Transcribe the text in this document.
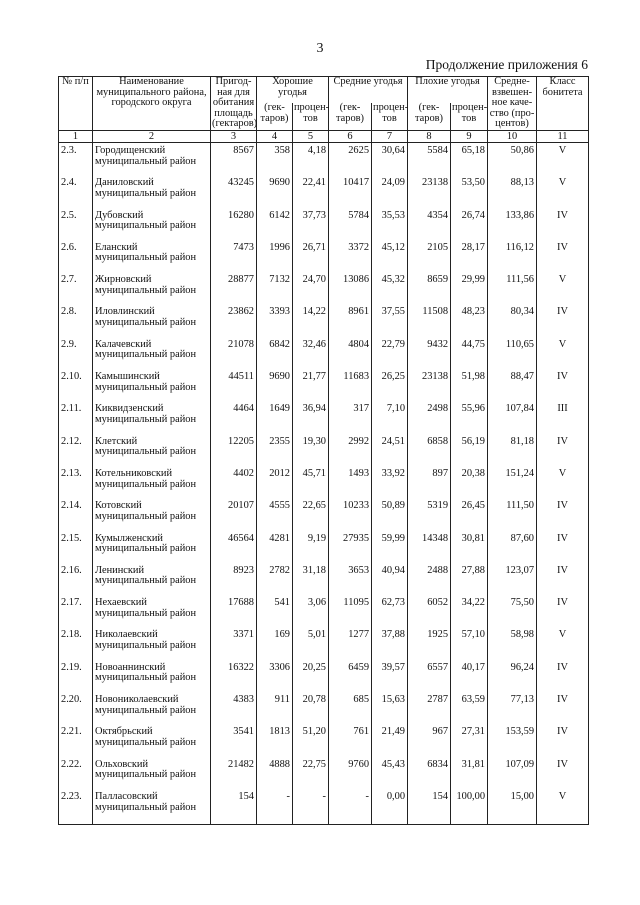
3
Продолжение приложения 6
№ п/п	Наименование муниципального района, городского округа	Пригод-ная для обитания площадь (гектаров)	Хорошие угодья		Средние угодья		Плохие угодья		Средне-взвешен-ное каче-ство (про-центов)	Класс бонитета
			(гек-таров)	процен-тов	(гек-таров)	процен-тов	(гек-таров)	процен-тов		
1	2	3	4	5	6	7	8	9	10	11
2.3.	Городищенский муниципальный район	8567	358	4,18	2625	30,64	5584	65,18	50,86	V
2.4.	Даниловский муниципальный район	43245	9690	22,41	10417	24,09	23138	53,50	88,13	V
2.5.	Дубовский муниципальный район	16280	6142	37,73	5784	35,53	4354	26,74	133,86	IV
2.6.	Еланский муниципальный район	7473	1996	26,71	3372	45,12	2105	28,17	116,12	IV
2.7.	Жирновский муниципальный район	28877	7132	24,70	13086	45,32	8659	29,99	111,56	V
2.8.	Иловлинский муниципальный район	23862	3393	14,22	8961	37,55	11508	48,23	80,34	IV
2.9.	Калачевский муниципальный район	21078	6842	32,46	4804	22,79	9432	44,75	110,65	V
2.10.	Камышинский муниципальный район	44511	9690	21,77	11683	26,25	23138	51,98	88,47	IV
2.11.	Киквидзенский муниципальный район	4464	1649	36,94	317	7,10	2498	55,96	107,84	III
2.12.	Клетский муниципальный район	12205	2355	19,30	2992	24,51	6858	56,19	81,18	IV
2.13.	Котельниковский муниципальный район	4402	2012	45,71	1493	33,92	897	20,38	151,24	V
2.14.	Котовский муниципальный район	20107	4555	22,65	10233	50,89	5319	26,45	111,50	IV
2.15.	Кумылженский муниципальный район	46564	4281	9,19	27935	59,99	14348	30,81	87,60	IV
2.16.	Ленинский муниципальный район	8923	2782	31,18	3653	40,94	2488	27,88	123,07	IV
2.17.	Нехаевский муниципальный район	17688	541	3,06	11095	62,73	6052	34,22	75,50	IV
2.18.	Николаевский муниципальный район	3371	169	5,01	1277	37,88	1925	57,10	58,98	V
2.19.	Новоаннинский муниципальный район	16322	3306	20,25	6459	39,57	6557	40,17	96,24	IV
2.20.	Новониколаевский муниципальный район	4383	911	20,78	685	15,63	2787	63,59	77,13	IV
2.21.	Октябрьский муниципальный район	3541	1813	51,20	761	21,49	967	27,31	153,59	IV
2.22.	Ольховский муниципальный район	21482	4888	22,75	9760	45,43	6834	31,81	107,09	IV
2.23.	Палласовский муниципальный район	154	-	-	-	0,00	154	100,00	15,00	V
